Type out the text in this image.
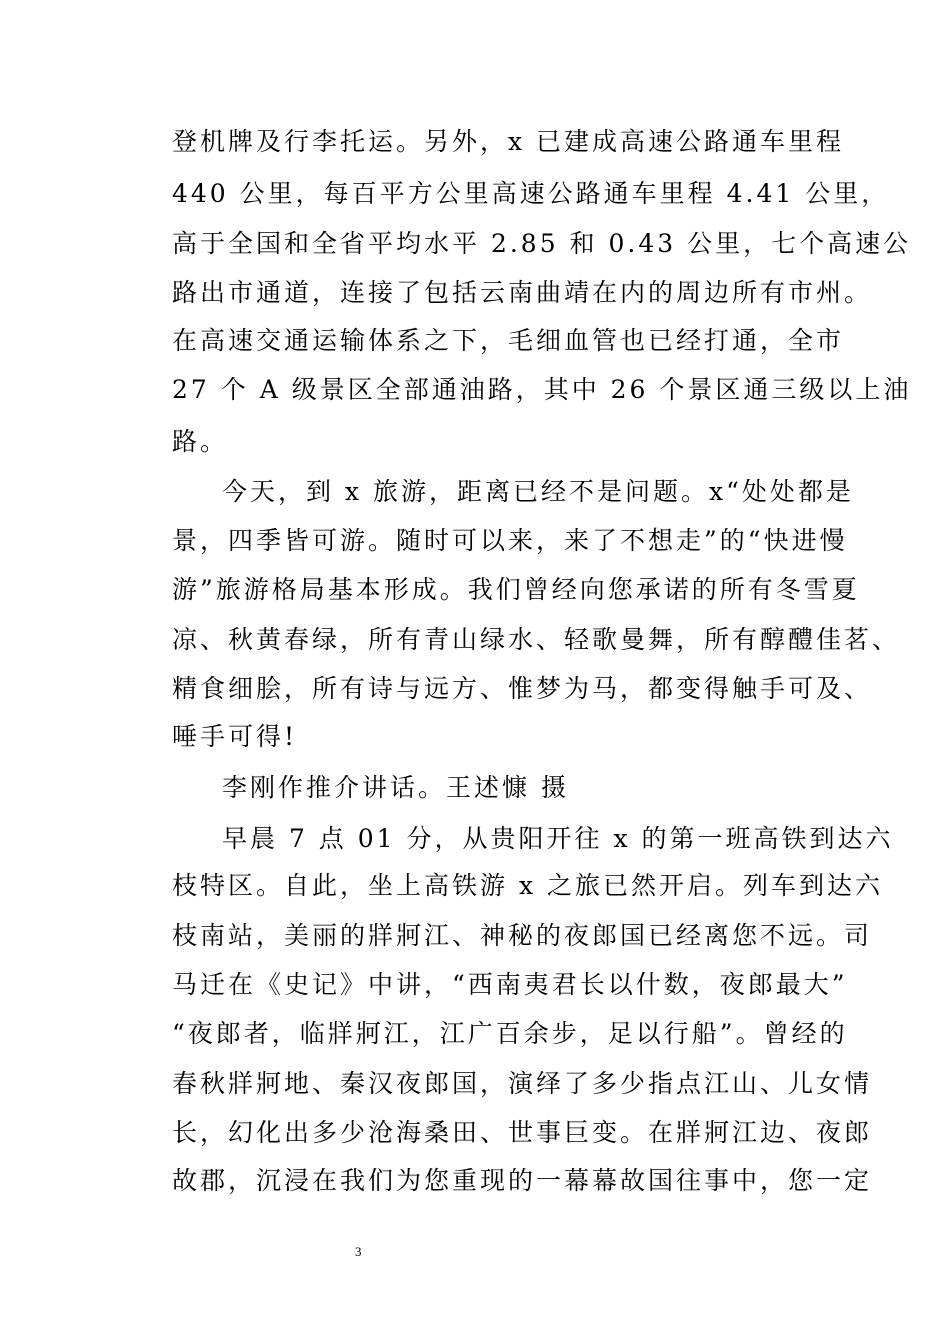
登机牌及行李托运。另外，x 已建成高速公路通车里程
440 公里，每百平方公里高速公路通车里程 4.41 公里，
高于全国和全省平均水平 2.85 和 0.43 公里，七个高速公
路出市通道，连接了包括云南曲靖在内的周边所有市州。
在高速交通运输体系之下，毛细血管也已经打通，全市
27 个 A 级景区全部通油路，其中 26 个景区通三级以上油
路。
今天，到 x 旅游，距离已经不是问题。x“处处都是
景，四季皆可游。随时可以来，来了不想走”的“快进慢
游”旅游格局基本形成。我们曾经向您承诺的所有冬雪夏
凉、秋黄春绿，所有青山绿水、轻歌曼舞，所有醇醴佳茗、
精食细脍，所有诗与远方、惟梦为马，都变得触手可及、
唾手可得!
李刚作推介讲话。王述慷 摄
早晨 7 点 01 分，从贵阳开往 x 的第一班高铁到达六
枝特区。自此，坐上高铁游 x 之旅已然开启。列车到达六
枝南站，美丽的牂牁江、神秘的夜郎国已经离您不远。司
马迁在《史记》中讲，“西南夷君长以什数，夜郎最大”
“夜郎者，临牂牁江，江广百余步，足以行船”。曾经的
春秋牂牁地、秦汉夜郎国，演绎了多少指点江山、儿女情
长，幻化出多少沧海桑田、世事巨变。在牂牁江边、夜郎
故郡，沉浸在我们为您重现的一幕幕故国往事中，您一定
3
